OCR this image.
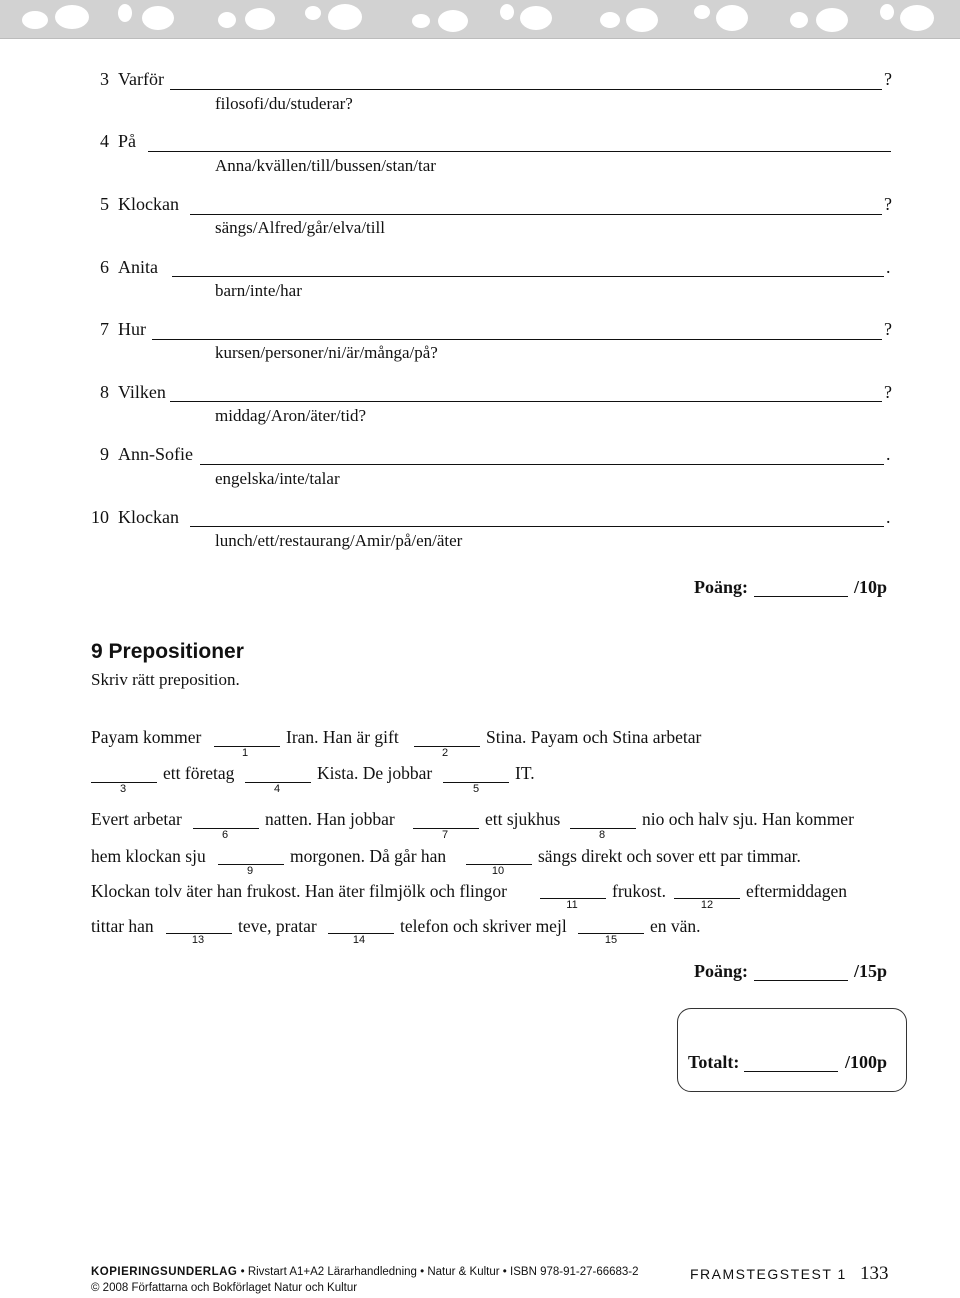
3 Varför	?
filosofi/du/studerar?
4 På
Anna/kvällen/till/bussen/stan/tar
5 Klockan	?
sängs/Alfred/går/elva/till
6 Anita	.
barn/inte/har
7 Hur	?
kursen/personer/ni/är/många/på?
8 Vilken	?
middag/Aron/äter/tid?
9 Ann-Sofie	.
engelska/inte/talar
10 Klockan	.
lunch/ett/restaurang/Amir/på/en/äter
Poäng:	/10p
9 Prepositioner
Skriv rätt preposition.
Payam kommer
1
Iran. Han är gift
2
Stina. Payam och Stina arbetar
3
ett företag
4
Kista. De jobbar
5
IT.
Evert arbetar
6
natten. Han jobbar
7
ett sjukhus
8
nio och halv sju. Han kommer
hem klockan sju
9
morgonen. Då går han
10
sängs direkt och sover ett par timmar.
Klockan tolv äter han frukost. Han äter filmjölk och flingor
11
frukost.
12
eftermiddagen
tittar han
13
teve, pratar
14
telefon och skriver mejl
15
en vän.
Poäng:	/15p
Totalt:	/100p
KOPIERINGSUNDERLAG • Rivstart A1+A2 Lärarhandledning • Natur & Kultur • ISBN 978-91-27-66683-2
© 2008 Författarna och Bokförlaget Natur och Kultur
FRAMSTEGSTEST 1 133
